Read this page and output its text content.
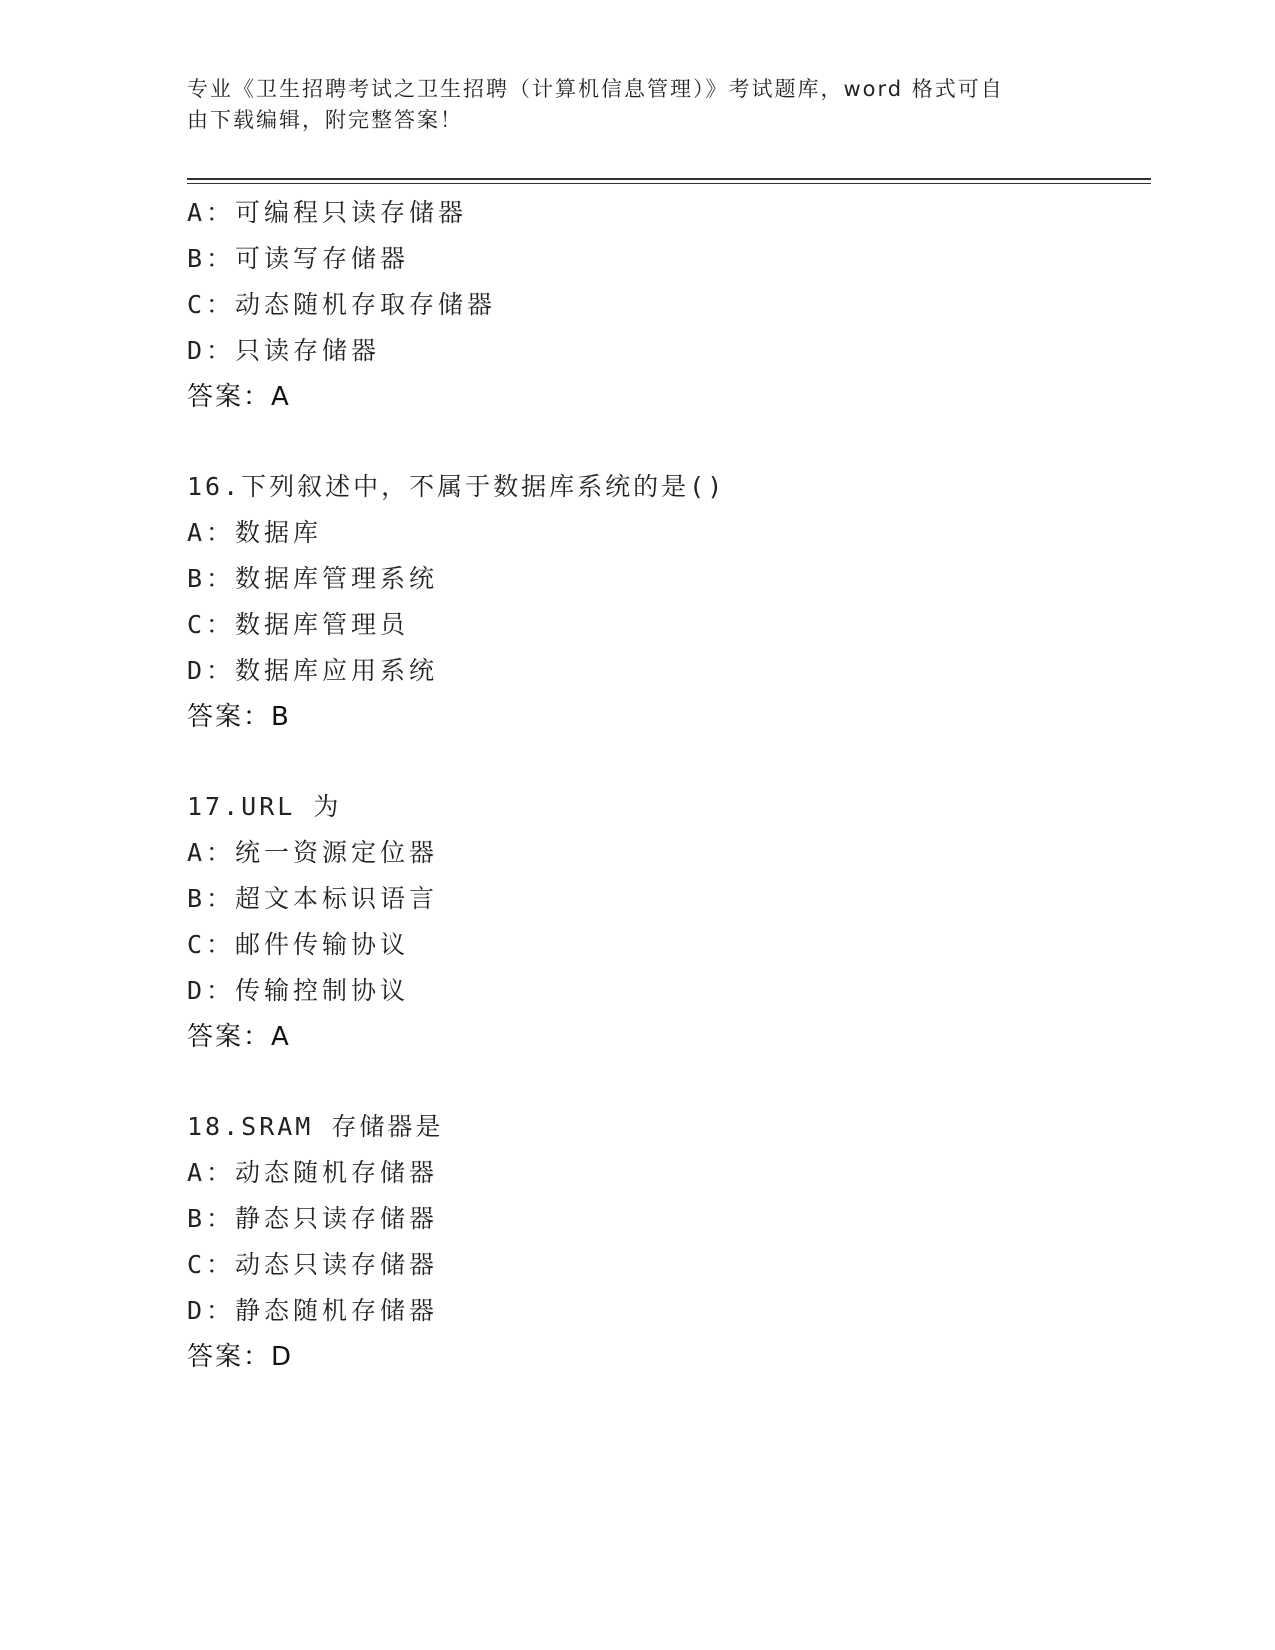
专业《卫生招聘考试之卫生招聘（计算机信息管理）》考试题库，word 格式可自
由下载编辑，附完整答案！
A：可编程只读存储器
B：可读写存储器
C：动态随机存取存储器
D：只读存储器
答案：A
16.下列叙述中，不属于数据库系统的是()
A：数据库
B：数据库管理系统
C：数据库管理员
D：数据库应用系统
答案：B
17.URL 为
A：统一资源定位器
B：超文本标识语言
C：邮件传输协议
D：传输控制协议
答案：A
18.SRAM 存储器是
A：动态随机存储器
B：静态只读存储器
C：动态只读存储器
D：静态随机存储器
答案：D
